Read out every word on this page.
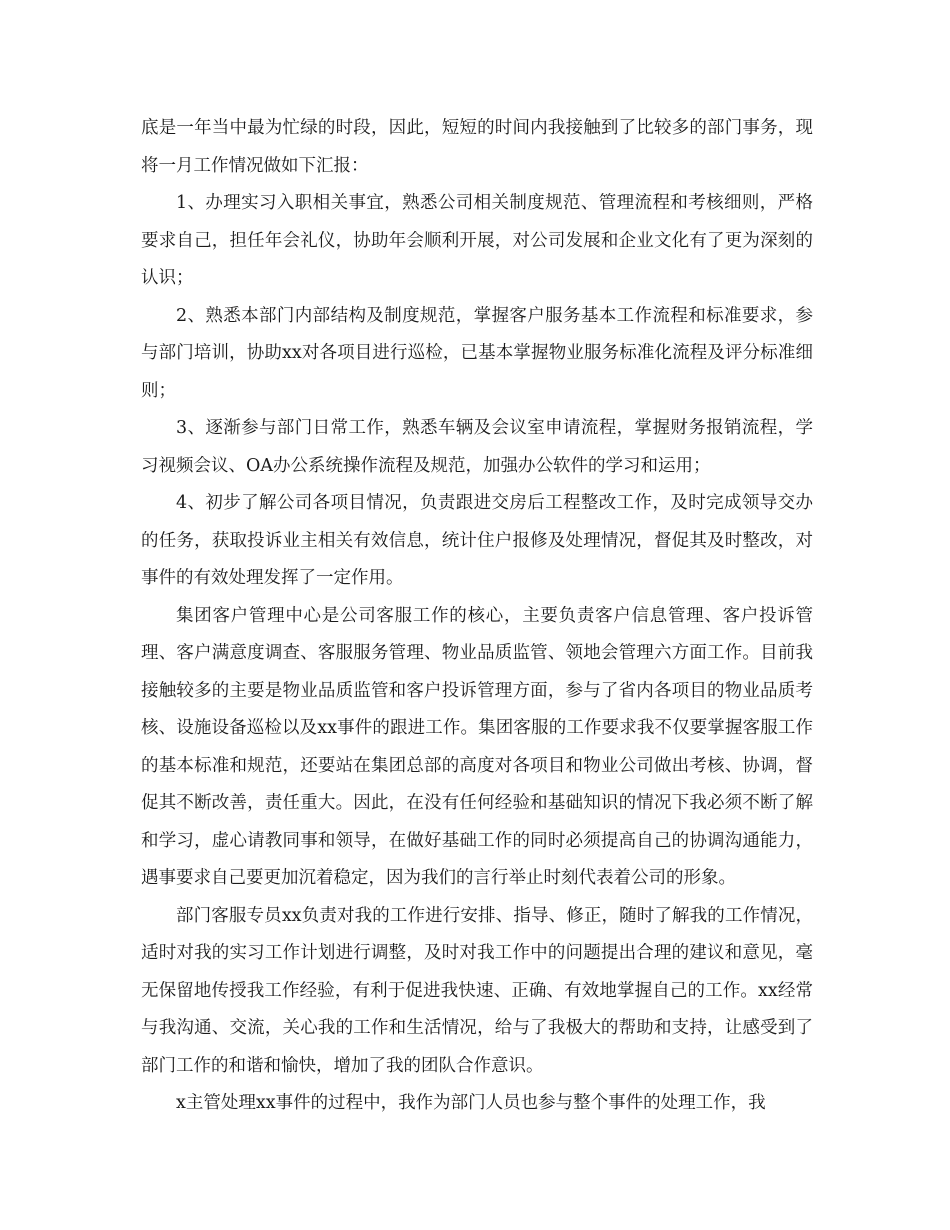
底是一年当中最为忙绿的时段，因此，短短的时间内我接触到了比较多的部门事务，现将一月工作情况做如下汇报：

1、办理实习入职相关事宜，熟悉公司相关制度规范、管理流程和考核细则，严格要求自己，担任年会礼仪，协助年会顺利开展，对公司发展和企业文化有了更为深刻的认识；

2、熟悉本部门内部结构及制度规范，掌握客户服务基本工作流程和标准要求，参与部门培训，协助xx对各项目进行巡检，已基本掌握物业服务标准化流程及评分标准细则；

3、逐渐参与部门日常工作，熟悉车辆及会议室申请流程，掌握财务报销流程，学习视频会议、OA办公系统操作流程及规范，加强办公软件的学习和运用；

4、初步了解公司各项目情况，负责跟进交房后工程整改工作，及时完成领导交办的任务，获取投诉业主相关有效信息，统计住户报修及处理情况，督促其及时整改，对事件的有效处理发挥了一定作用。

集团客户管理中心是公司客服工作的核心，主要负责客户信息管理、客户投诉管理、客户满意度调查、客服服务管理、物业品质监管、领地会管理六方面工作。目前我接触较多的主要是物业品质监管和客户投诉管理方面，参与了省内各项目的物业品质考核、设施设备巡检以及xx事件的跟进工作。集团客服的工作要求我不仅要掌握客服工作的基本标准和规范，还要站在集团总部的高度对各项目和物业公司做出考核、协调，督促其不断改善，责任重大。因此，在没有任何经验和基础知识的情况下我必须不断了解和学习，虚心请教同事和领导，在做好基础工作的同时必须提高自己的协调沟通能力，遇事要求自己要更加沉着稳定，因为我们的言行举止时刻代表着公司的形象。

部门客服专员xx负责对我的工作进行安排、指导、修正，随时了解我的工作情况，适时对我的实习工作计划进行调整，及时对我工作中的问题提出合理的建议和意见，毫无保留地传授我工作经验，有利于促进我快速、正确、有效地掌握自己的工作。xx经常与我沟通、交流，关心我的工作和生活情况，给与了我极大的帮助和支持，让感受到了部门工作的和谐和愉快，增加了我的团队合作意识。

x主管处理xx事件的过程中，我作为部门人员也参与整个事件的处理工作，我
